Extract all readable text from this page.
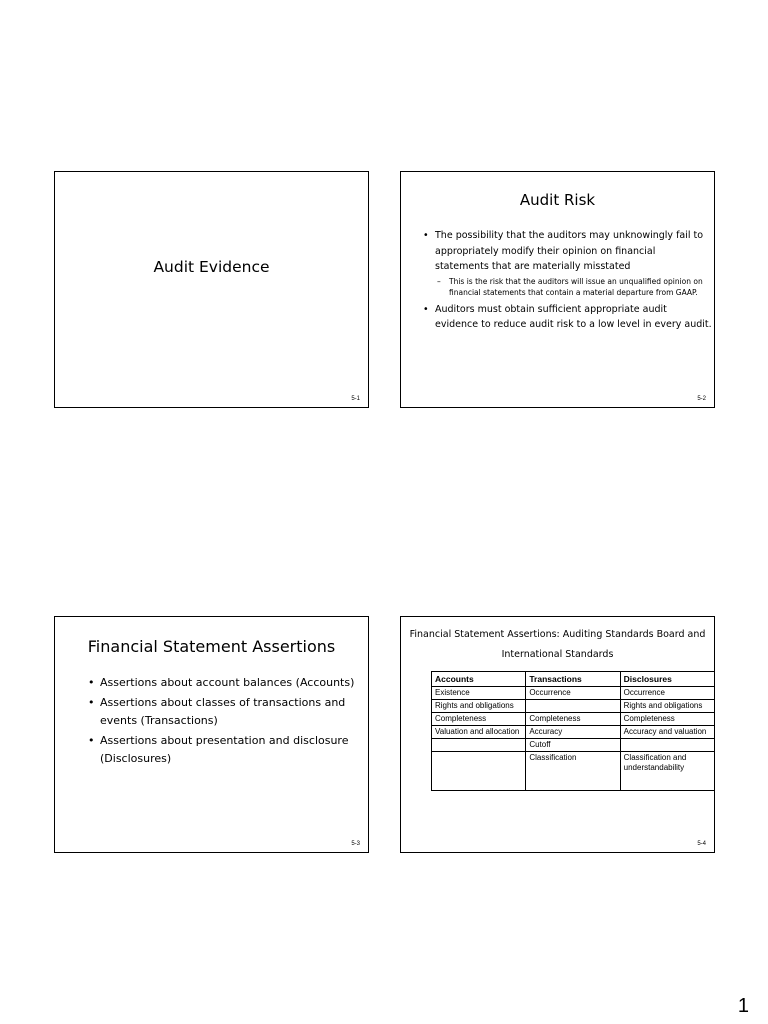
Audit Evidence
5-1
Audit Risk
• The possibility that the auditors may unknowingly fail to appropriately modify their opinion on financial statements that are materially misstated
– This is the risk that the auditors will issue an unqualified opinion on financial statements that contain a material departure from GAAP.
• Auditors must obtain sufficient appropriate audit evidence to reduce audit risk to a low level in every audit.
5-2
Financial Statement Assertions
• Assertions about account balances (Accounts)
• Assertions about classes of transactions and events (Transactions)
• Assertions about presentation and disclosure (Disclosures)
5-3
Financial Statement Assertions: Auditing Standards Board and International Standards
Accounts	Transactions	Disclosures
Existence	Occurrence	Occurrence
Rights and obligations		Rights and obligations
Completeness	Completeness	Completeness
Valuation and allocation	Accuracy	Accuracy and valuation
	Cutoff	
	Classification	Classification and understandability
5-4
1
